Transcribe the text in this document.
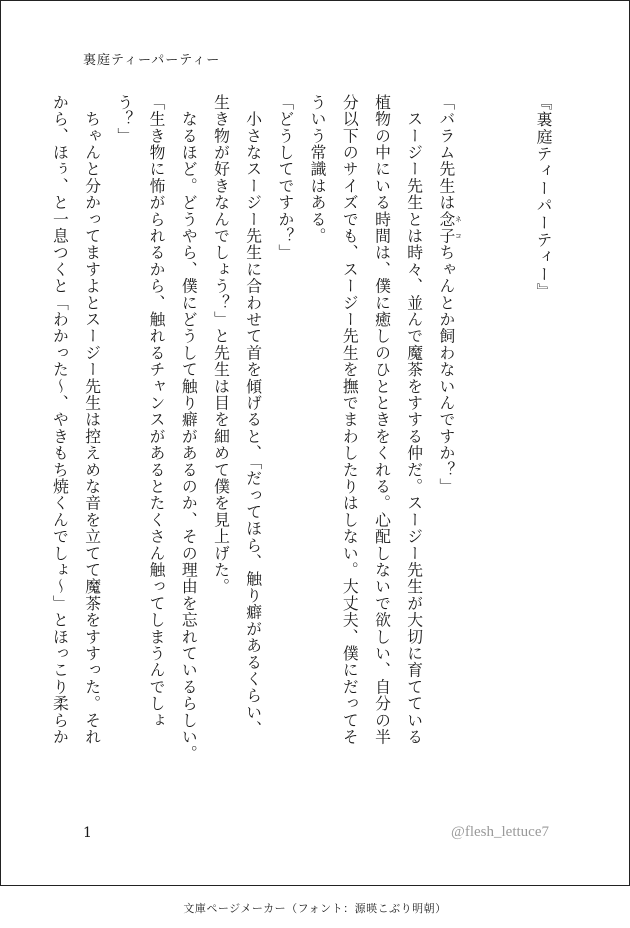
裏庭ティーパーティー
『裏庭ティーパーティー』

「バラム先生は念子ネコちゃんとか飼わないんですか？」
　スージー先生とは時々、並んで魔茶をすする仲だ。スージー先生が大切に育てている
植物の中にいる時間は、僕に癒しのひとときをくれる。心配しないで欲しい、自分の半
分以下のサイズでも、スージー先生を撫でまわしたりはしない。大丈夫、僕にだってそ
ういう常識はある。
「どうしてですか？」
　小さなスージー先生に合わせて首を傾げると、「だってほら、触り癖があるくらい、
生き物が好きなんでしょう？」と先生は目を細めて僕を見上げた。
　なるほど。どうやら、僕にどうして触り癖があるのか、その理由を忘れているらしい。
「生き物に怖がられるから、触れるチャンスがあるとたくさん触ってしまうんでしょ
う？」
　ちゃんと分かってますよとスージー先生は控えめな音を立てて魔茶をすすった。それ
から、ほぅ、と一息つくと「わかった〜、やきもち焼くんでしょ〜」とほっこり柔らか
1	@flesh_lettuce7
文庫ページメーカー（フォント：源暎こぶり明朝）
